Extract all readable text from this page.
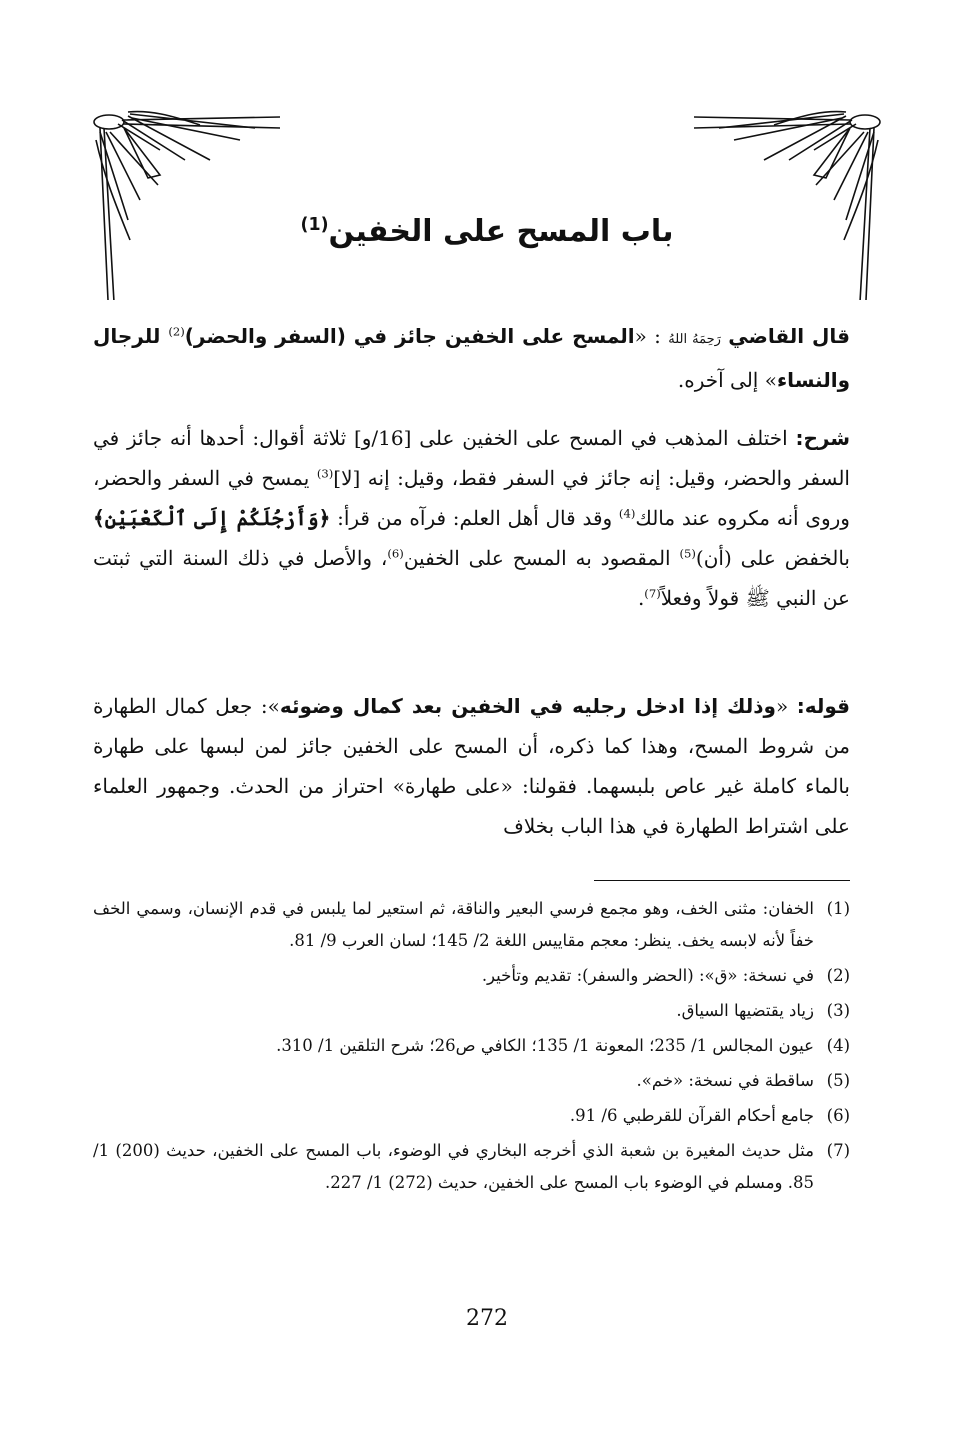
باب المسح على الخفين$^{(1)}$
قال القاضي رَحِمَهُ اللهُ : «المسح على الخفين جائز في (السفر والحضر)$^{(2)}$ للرجال والنساء» إلى آخره.
شرح: اختلف المذهب في المسح على الخفين على [16/و] ثلاثة أقوال: أحدها أنه جائز في السفر والحضر، وقيل: إنه جائز في السفر فقط، وقيل: إنه [لا]$^{(3)}$ يمسح في السفر والحضر، وروى أنه مكروه عند مالك$^{(4)}$ وقد قال أهل العلم: فرآه من قرأ: ﴿وَأَرْجُلَكُمْ إِلَى ٱلْكَعْبَيْنِ﴾ بالخفض على (أن)$^{(5)}$ المقصود به المسح على الخفين$^{(6)}$، والأصل في ذلك السنة التي ثبتت عن النبي ﷺ قولاً وفعلاً$^{(7)}$.
قوله: «وذلك إذا ادخل رجليه في الخفين بعد كمال وضوئه»: جعل كمال الطهارة من شروط المسح، وهذا كما ذكره، أن المسح على الخفين جائز لمن لبسها على طهارة بالماء كاملة غير عاص بلبسهما. فقولنا: «على طهارة» احتراز من الحدث. وجمهور العلماء على اشتراط الطهارة في هذا الباب بخلاف
(1)
الخفان: مثنى الخف، وهو مجمع فرسي البعير والناقة، ثم استعير لما يلبس في قدم الإنسان، وسمي الخف خفاً لأنه لابسه يخف. ينظر: معجم مقاييس اللغة 2/ 145؛ لسان العرب 9/ 81.
(2)
في نسخة: «ق»: (الحضر والسفر): تقديم وتأخير.
(3)
زياد يقتضيها السياق.
(4)
عيون المجالس 1/ 235؛ المعونة 1/ 135؛ الكافي ص26؛ شرح التلقين 1/ 310.
(5)
ساقطة في نسخة: «خم».
(6)
جامع أحكام القرآن للقرطبي 6/ 91.
(7)
مثل حديث المغيرة بن شعبة الذي أخرجه البخاري في الوضوء، باب المسح على الخفين، حديث (200) 1/ 85. ومسلم في الوضوء باب المسح على الخفين، حديث (272) 1/ 227.
272
